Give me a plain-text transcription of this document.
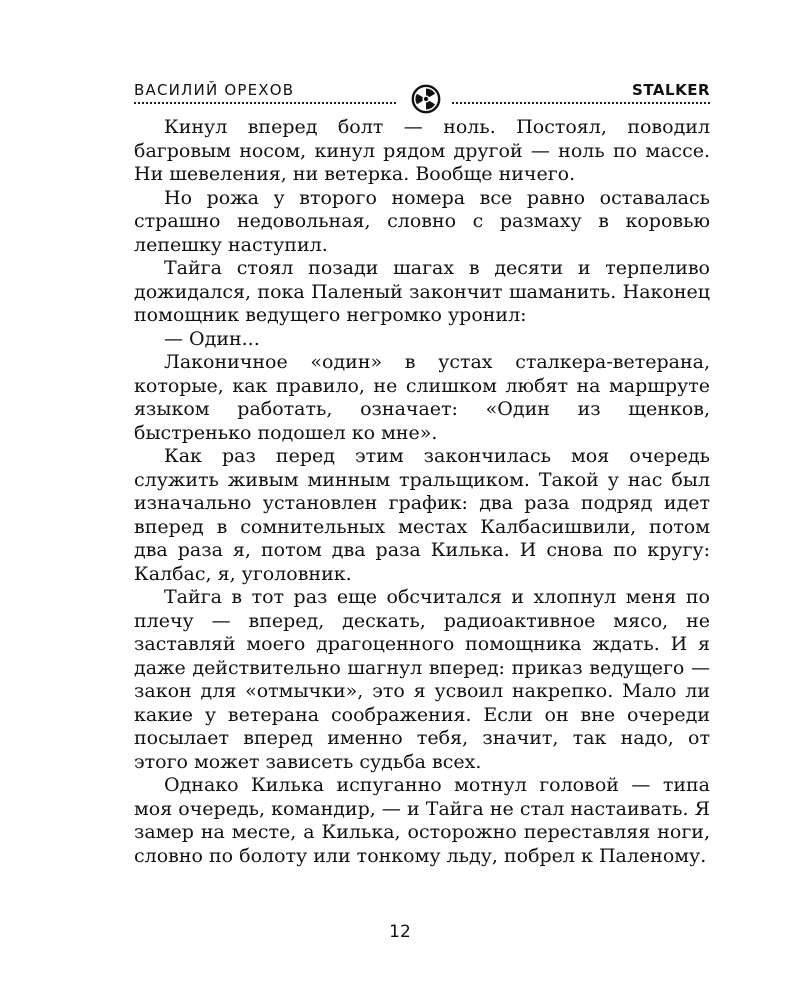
ВАСИЛИЙ ОРЕХОВ	STALKER

Кинул вперед болт — ноль. Постоял, поводил багровым носом, кинул рядом другой — ноль по массе. Ни шевеления, ни ветерка. Вообще ничего.

Но рожа у второго номера все равно оставалась страшно недовольная, словно с размаху в коровью лепешку наступил.

Тайга стоял позади шагах в десяти и терпеливо дожидался, пока Паленый закончит шаманить. Наконец помощник ведущего негромко уронил:

— Один...

Лаконичное «один» в устах сталкера-ветерана, которые, как правило, не слишком любят на маршруте языком работать, означает: «Один из щенков, быстренько подошел ко мне».

Как раз перед этим закончилась моя очередь служить живым минным тральщиком. Такой у нас был изначально установлен график: два раза подряд идет вперед в сомнительных местах Калбасишвили, потом два раза я, потом два раза Килька. И снова по кругу: Калбас, я, уголовник.

Тайга в тот раз еще обсчитался и хлопнул меня по плечу — вперед, дескать, радиоактивное мясо, не заставляй моего драгоценного помощника ждать. И я даже действительно шагнул вперед: приказ ведущего — закон для «отмычки», это я усвоил накрепко. Мало ли какие у ветерана соображения. Если он вне очереди посылает вперед именно тебя, значит, так надо, от этого может зависеть судьба всех.

Однако Килька испуганно мотнул головой — типа моя очередь, командир, — и Тайга не стал настаивать. Я замер на месте, а Килька, осторожно переставляя ноги, словно по болоту или тонкому льду, побрел к Паленому.

12
